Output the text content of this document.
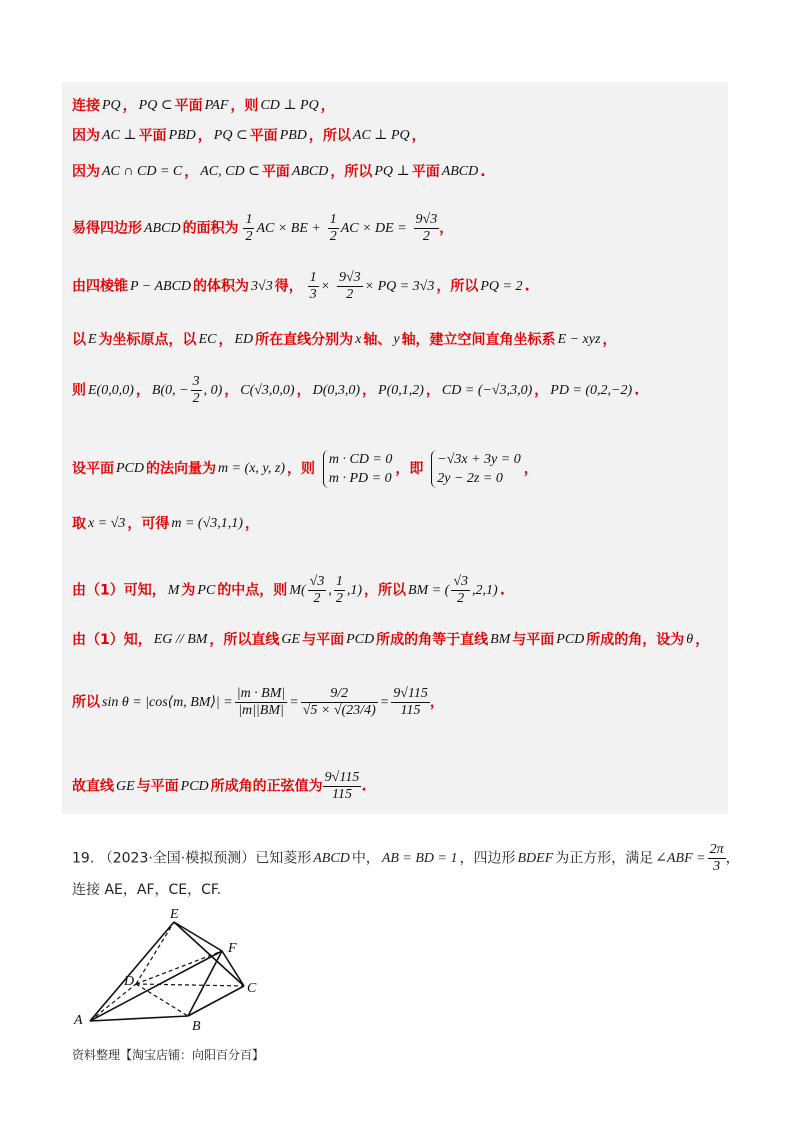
连接 PQ ， PQ ⊂ 平面 PAF ，则 CD ⊥ PQ ，
因为 AC ⊥ 平面 PBD ， PQ ⊂ 平面 PBD ，所以 AC ⊥ PQ ，
因为 AC ∩ CD = C ， AC, CD ⊂ 平面 ABCD ，所以 PQ ⊥ 平面 ABCD .
易得四边形 ABCD 的面积为 $\frac{1}{2}$ AC × BE + $\frac{1}{2}$ AC × DE = $\frac{9√3}{2}$ ，
由四棱锥 P − ABCD 的体积为 3√3 得， $\frac{1}{3} \times \frac{9√3}{2}$ × PQ = 3√3 ，所以 PQ = 2 .
以 E 为坐标原点，以 EC ， ED 所在直线分别为 x 轴、 y 轴，建立空间直角坐标系 E − xyz ，
则 E(0,0,0) ， B(0, − $\frac{3}{2}$ , 0) ， C(√3,0,0) ， D(0,3,0) ， P(0,1,2) ， CD = (−√3,3,0) ， PD = (0,2,−2) .
设平面 PCD 的法向量为 m = (x, y, z) ，则
m · CD = 0
m · PD = 0
，即
−√3x + 3y = 0
2y − 2z = 0
，
取 x = √3 ，可得 m = (√3,1,1) ，
由（1）可知， M 为 PC 的中点，则 $M( \frac{√3}{2}$ , $\frac{1}{2} ,1$) ，所以 BM = ( $\frac{√3}{2} ,2,1$) .
由（1）知， EG // BM ，所以直线 GE 与平面 PCD 所成的角等于直线 BM 与平面 PCD 所成的角，设为 θ ，
所以 sin θ = |cos⟨m, BM⟩| = $\frac{|m \cdot BM|}{|m||BM|} = \frac{9/2}{√5 \times √(23/4)} = \frac{9√115}{115}$ ，
故直线 GE 与平面 PCD 所成角的正弦值为 $\frac{9√115}{115}$ .
19. （2023·全国·模拟预测）已知菱形 ABCD 中， AB = BD = 1 ，四边形 BDEF 为正方形，满足 ∠ABF = $\frac{2\pi}{3}$ ，
连接 AE，AF，CE，CF.
E
F
D	C
A	B
资料整理【淘宝店铺：向阳百分百】
